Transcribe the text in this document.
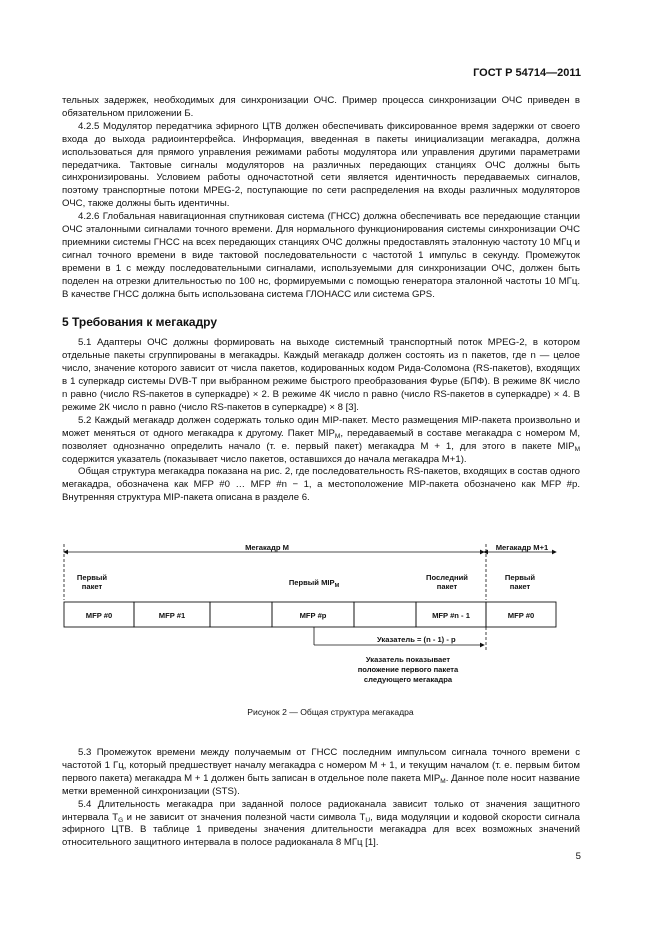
ГОСТ Р 54714—2011

тельных задержек, необходимых для синхронизации ОЧС. Пример процесса синхронизации ОЧС приведен в обязательном приложении Б.

4.2.5 Модулятор передатчика эфирного ЦТВ должен обеспечивать фиксированное время задержки от своего входа до выхода радиоинтерфейса. Информация, введенная в пакеты инициализации мегакадра, должна использоваться для прямого управления режимами работы модулятора или управления другими параметрами передатчика. Тактовые сигналы модуляторов на различных передающих станциях ОЧС должны быть синхронизированы. Условием работы одночастотной сети является идентичность передаваемых сигналов, поэтому транспортные потоки MPEG-2, поступающие по сети распределения на входы различных модуляторов ОЧС, также должны быть идентичны.

4.2.6 Глобальная навигационная спутниковая система (ГНСС) должна обеспечивать все передающие станции ОЧС эталонными сигналами точного времени. Для нормального функционирования системы синхронизации ОЧС приемники системы ГНСС на всех передающих станциях ОЧС должны предоставлять эталонную частоту 10 МГц и сигнал точного времени в виде тактовой последовательности с частотой 1 импульс в секунду. Промежуток времени в 1 с между последовательными сигналами, используемыми для синхронизации ОЧС, должен быть поделен на отрезки длительностью по 100 нс, формируемыми с помощью генератора эталонной частоты 10 МГц. В качестве ГНСС должна быть использована система ГЛОНАСС или система GPS.

5 Требования к мегакадру

5.1 Адаптеры ОЧС должны формировать на выходе системный транспортный поток MPEG-2, в котором отдельные пакеты сгруппированы в мегакадры. Каждый мегакадр должен состоять из n пакетов, где n — целое число, значение которого зависит от числа пакетов, кодированных кодом Рида-Соломона (RS-пакетов), входящих в 1 суперкадр системы DVB-T при выбранном режиме быстрого преобразования Фурье (БПФ). В режиме 8К число n равно (число RS-пакетов в суперкадре) × 2. В режиме 4К число n равно (число RS-пакетов в суперкадре) × 4. В режиме 2К число n равно (число RS-пакетов в суперкадре) × 8 [3].

5.2 Каждый мегакадр должен содержать только один MIP-пакет. Место размещения MIP-пакета произвольно и может меняться от одного мегакадра к другому. Пакет $MIP_M$, передаваемый в составе мегакадра с номером M, позволяет однозначно определить начало (т. е. первый пакет) мегакадра M + 1, для этого в пакете $MIP_M$ содержится указатель (показывает число пакетов, оставшихся до начала мегакадра M+1).

Общая структура мегакадра показана на рис. 2, где последовательность RS-пакетов, входящих в состав одного мегакадра, обозначена как MFP #0 … MFP #n − 1, а местоположение MIP-пакета обозначено как MFP #p. Внутренняя структура MIP-пакета описана в разделе 6.

Мегакадр М	Мегакадр М+1
Первый
пакет	Первый $MIP_M$
Последний
пакет
Первый
пакет
MFP #0	MFP #1	MFP #p	MFP #n - 1	MFP #0
Указатель = (n - 1) - p
Указатель показывает
положение первого пакета
следующего мегакадра
Рисунок 2 — Общая структура мегакадра

5.3 Промежуток времени между получаемым от ГНСС последним импульсом сигнала точного времени с частотой 1 Гц, который предшествует началу мегакадра с номером M + 1, и текущим началом (т. е. первым битом первого пакета) мегакадра M + 1 должен быть записан в отдельное поле пакета $MIP_M$. Данное поле носит название метки временной синхронизации (STS).

5.4 Длительность мегакадра при заданной полосе радиоканала зависит только от значения защитного интервала $T_G$ и не зависит от значения полезной части символа $T_U$, вида модуляции и кодовой скорости сигнала эфирного ЦТВ. В таблице 1 приведены значения длительности мегакадра для всех возможных значений относительного защитного интервала в полосе радиоканала 8 МГц [1].

5
